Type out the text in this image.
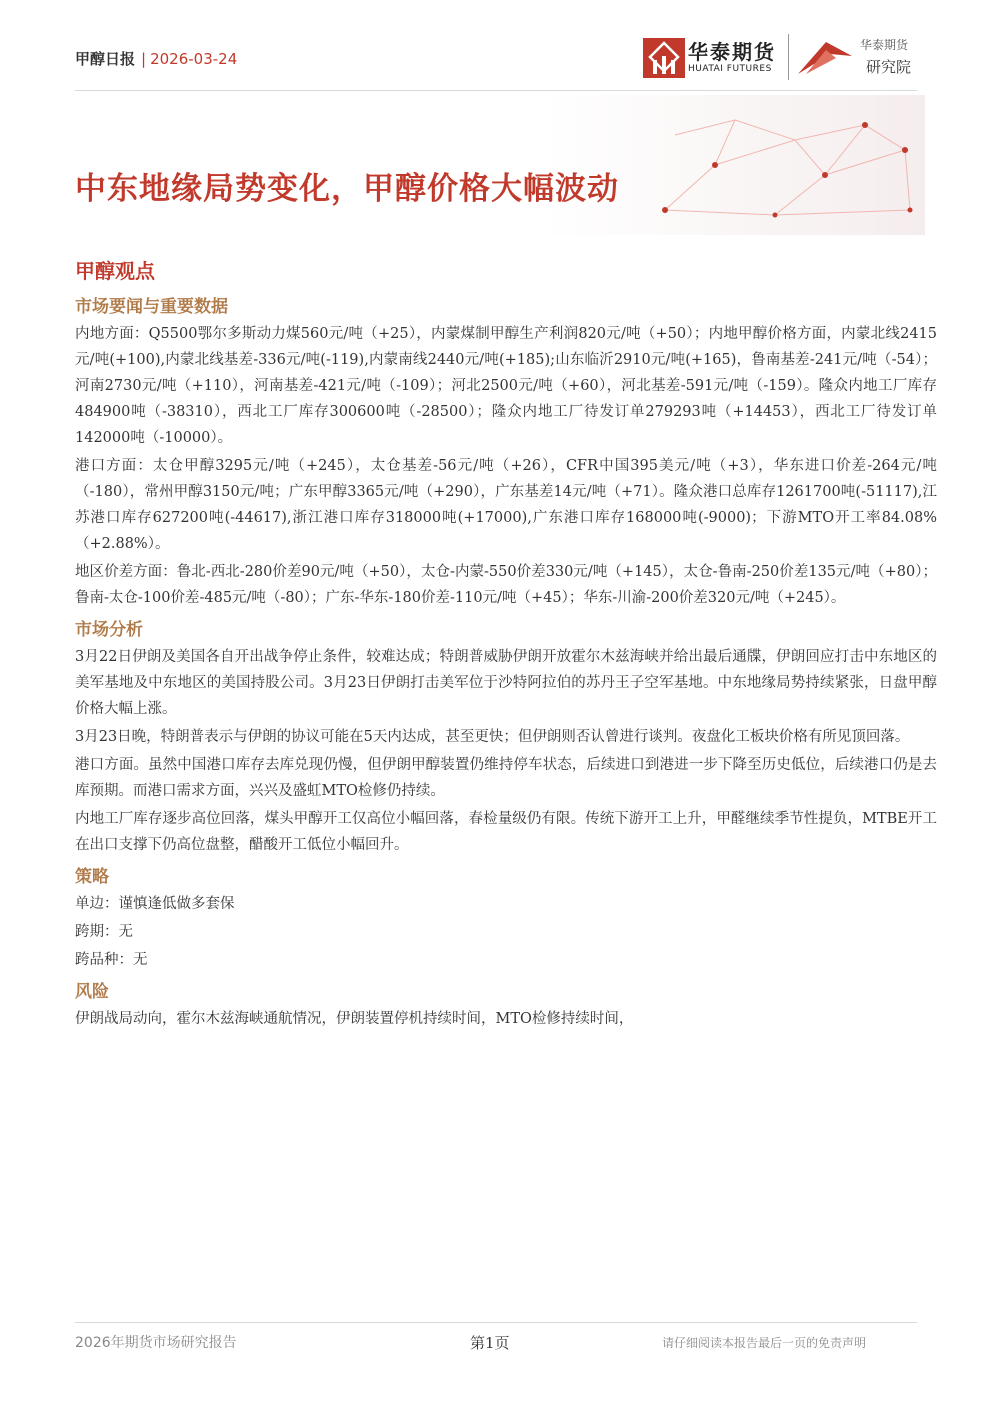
甲醇日报 | 2026-03-24	华泰期货
HUATAI FUTURES
华泰期货
研究院
中东地缘局势变化，甲醇价格大幅波动
甲醇观点
市场要闻与重要数据

内地方面：Q5500鄂尔多斯动力煤560元/吨（+25），内蒙煤制甲醇生产利润820元/吨（+50）；内地甲醇价格方面，内蒙北线2415元/吨(+100),内蒙北线基差-336元/吨(-119),内蒙南线2440元/吨(+185);山东临沂2910元/吨(+165)，鲁南基差-241元/吨（-54）；河南2730元/吨（+110），河南基差-421元/吨（-109）；河北2500元/吨（+60），河北基差-591元/吨（-159）。隆众内地工厂库存484900吨（-38310），西北工厂库存300600吨（-28500）；隆众内地工厂待发订单279293吨（+14453），西北工厂待发订单142000吨（-10000）。

港口方面：太仓甲醇3295元/吨（+245），太仓基差-56元/吨（+26），CFR中国395美元/吨（+3），华东进口价差-264元/吨（-180），常州甲醇3150元/吨；广东甲醇3365元/吨（+290），广东基差14元/吨（+71）。隆众港口总库存1261700吨(-51117),江苏港口库存627200吨(-44617),浙江港口库存318000吨(+17000),广东港口库存168000吨(-9000)；下游MTO开工率84.08%（+2.88%）。

地区价差方面：鲁北-西北-280价差90元/吨（+50），太仓-内蒙-550价差330元/吨（+145），太仓-鲁南-250价差135元/吨（+80）；鲁南-太仓-100价差-485元/吨（-80）；广东-华东-180价差-110元/吨（+45）；华东-川渝-200价差320元/吨（+245）。

市场分析

3月22日伊朗及美国各自开出战争停止条件，较难达成；特朗普威胁伊朗开放霍尔木兹海峡并给出最后通牒，伊朗回应打击中东地区的美军基地及中东地区的美国持股公司。3月23日伊朗打击美军位于沙特阿拉伯的苏丹王子空军基地。中东地缘局势持续紧张，日盘甲醇价格大幅上涨。

3月23日晚，特朗普表示与伊朗的协议可能在5天内达成，甚至更快；但伊朗则否认曾进行谈判。夜盘化工板块价格有所见顶回落。

港口方面。虽然中国港口库存去库兑现仍慢，但伊朗甲醇装置仍维持停车状态，后续进口到港进一步下降至历史低位，后续港口仍是去库预期。而港口需求方面，兴兴及盛虹MTO检修仍持续。

内地工厂库存逐步高位回落，煤头甲醇开工仅高位小幅回落，春检量级仍有限。传统下游开工上升，甲醛继续季节性提负，MTBE开工在出口支撑下仍高位盘整，醋酸开工低位小幅回升。

策略

单边：谨慎逢低做多套保

跨期：无

跨品种：无

风险

伊朗战局动向，霍尔木兹海峡通航情况，伊朗装置停机持续时间，MTO检修持续时间，

2026年期货市场研究报告	第1页	请仔细阅读本报告最后一页的免责声明
